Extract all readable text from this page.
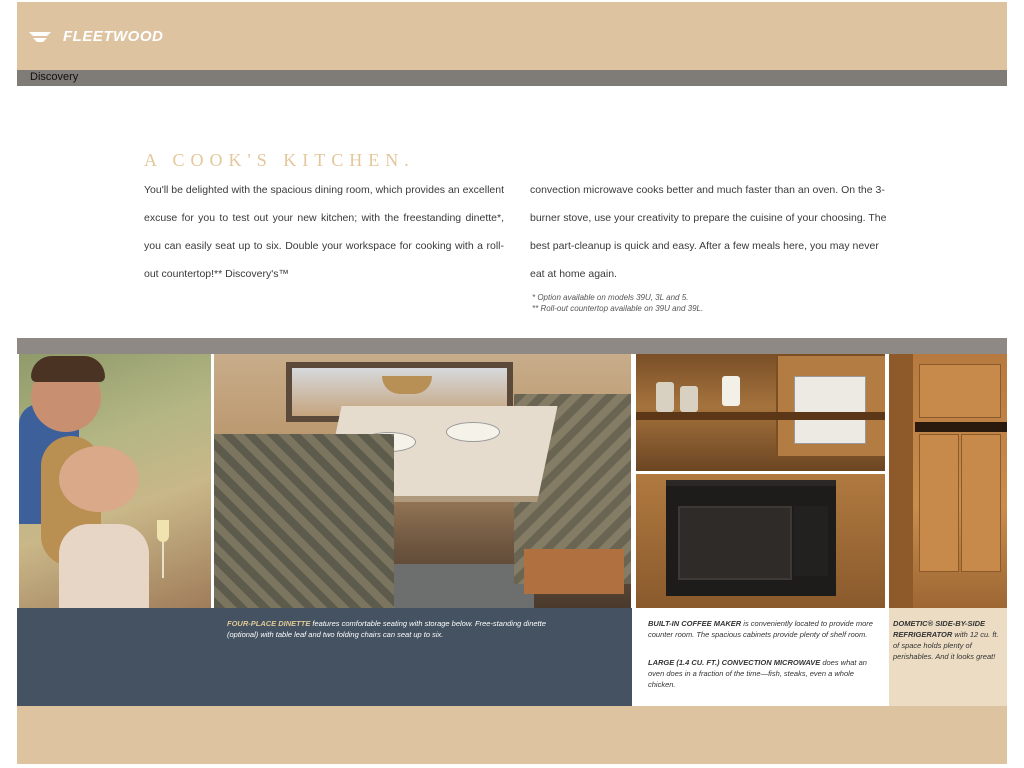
FLEETWOOD
Discovery
A COOK'S KITCHEN.
You'll be delighted with the spacious dining room, which provides an excellent excuse for you to test out your new kitchen; with the freestanding dinette*, you can easily seat up to six. Double your workspace for cooking with a roll-out countertop!** Discovery's™
convection microwave cooks better and much faster than an oven. On the 3-burner stove, use your creativity to prepare the cuisine of your choosing. The best part-cleanup is quick and easy. After a few meals here, you may never eat at home again.
* Option available on models 39U, 3L and 5.
** Roll-out countertop available on 39U and 39L.
FOUR-PLACE DINETTE features comfortable seating with storage below. Free-standing dinette (optional) with table leaf and two folding chairs can seat up to six.
BUILT-IN COFFEE MAKER is conveniently located to provide more counter room. The spacious cabinets provide plenty of shelf room.
LARGE (1.4 CU. FT.) CONVECTION MICROWAVE does what an oven does in a fraction of the time—fish, steaks, even a whole chicken.
DOMETIC® SIDE-BY-SIDE REFRIGERATOR with 12 cu. ft. of space holds plenty of perishables. And it looks great!
